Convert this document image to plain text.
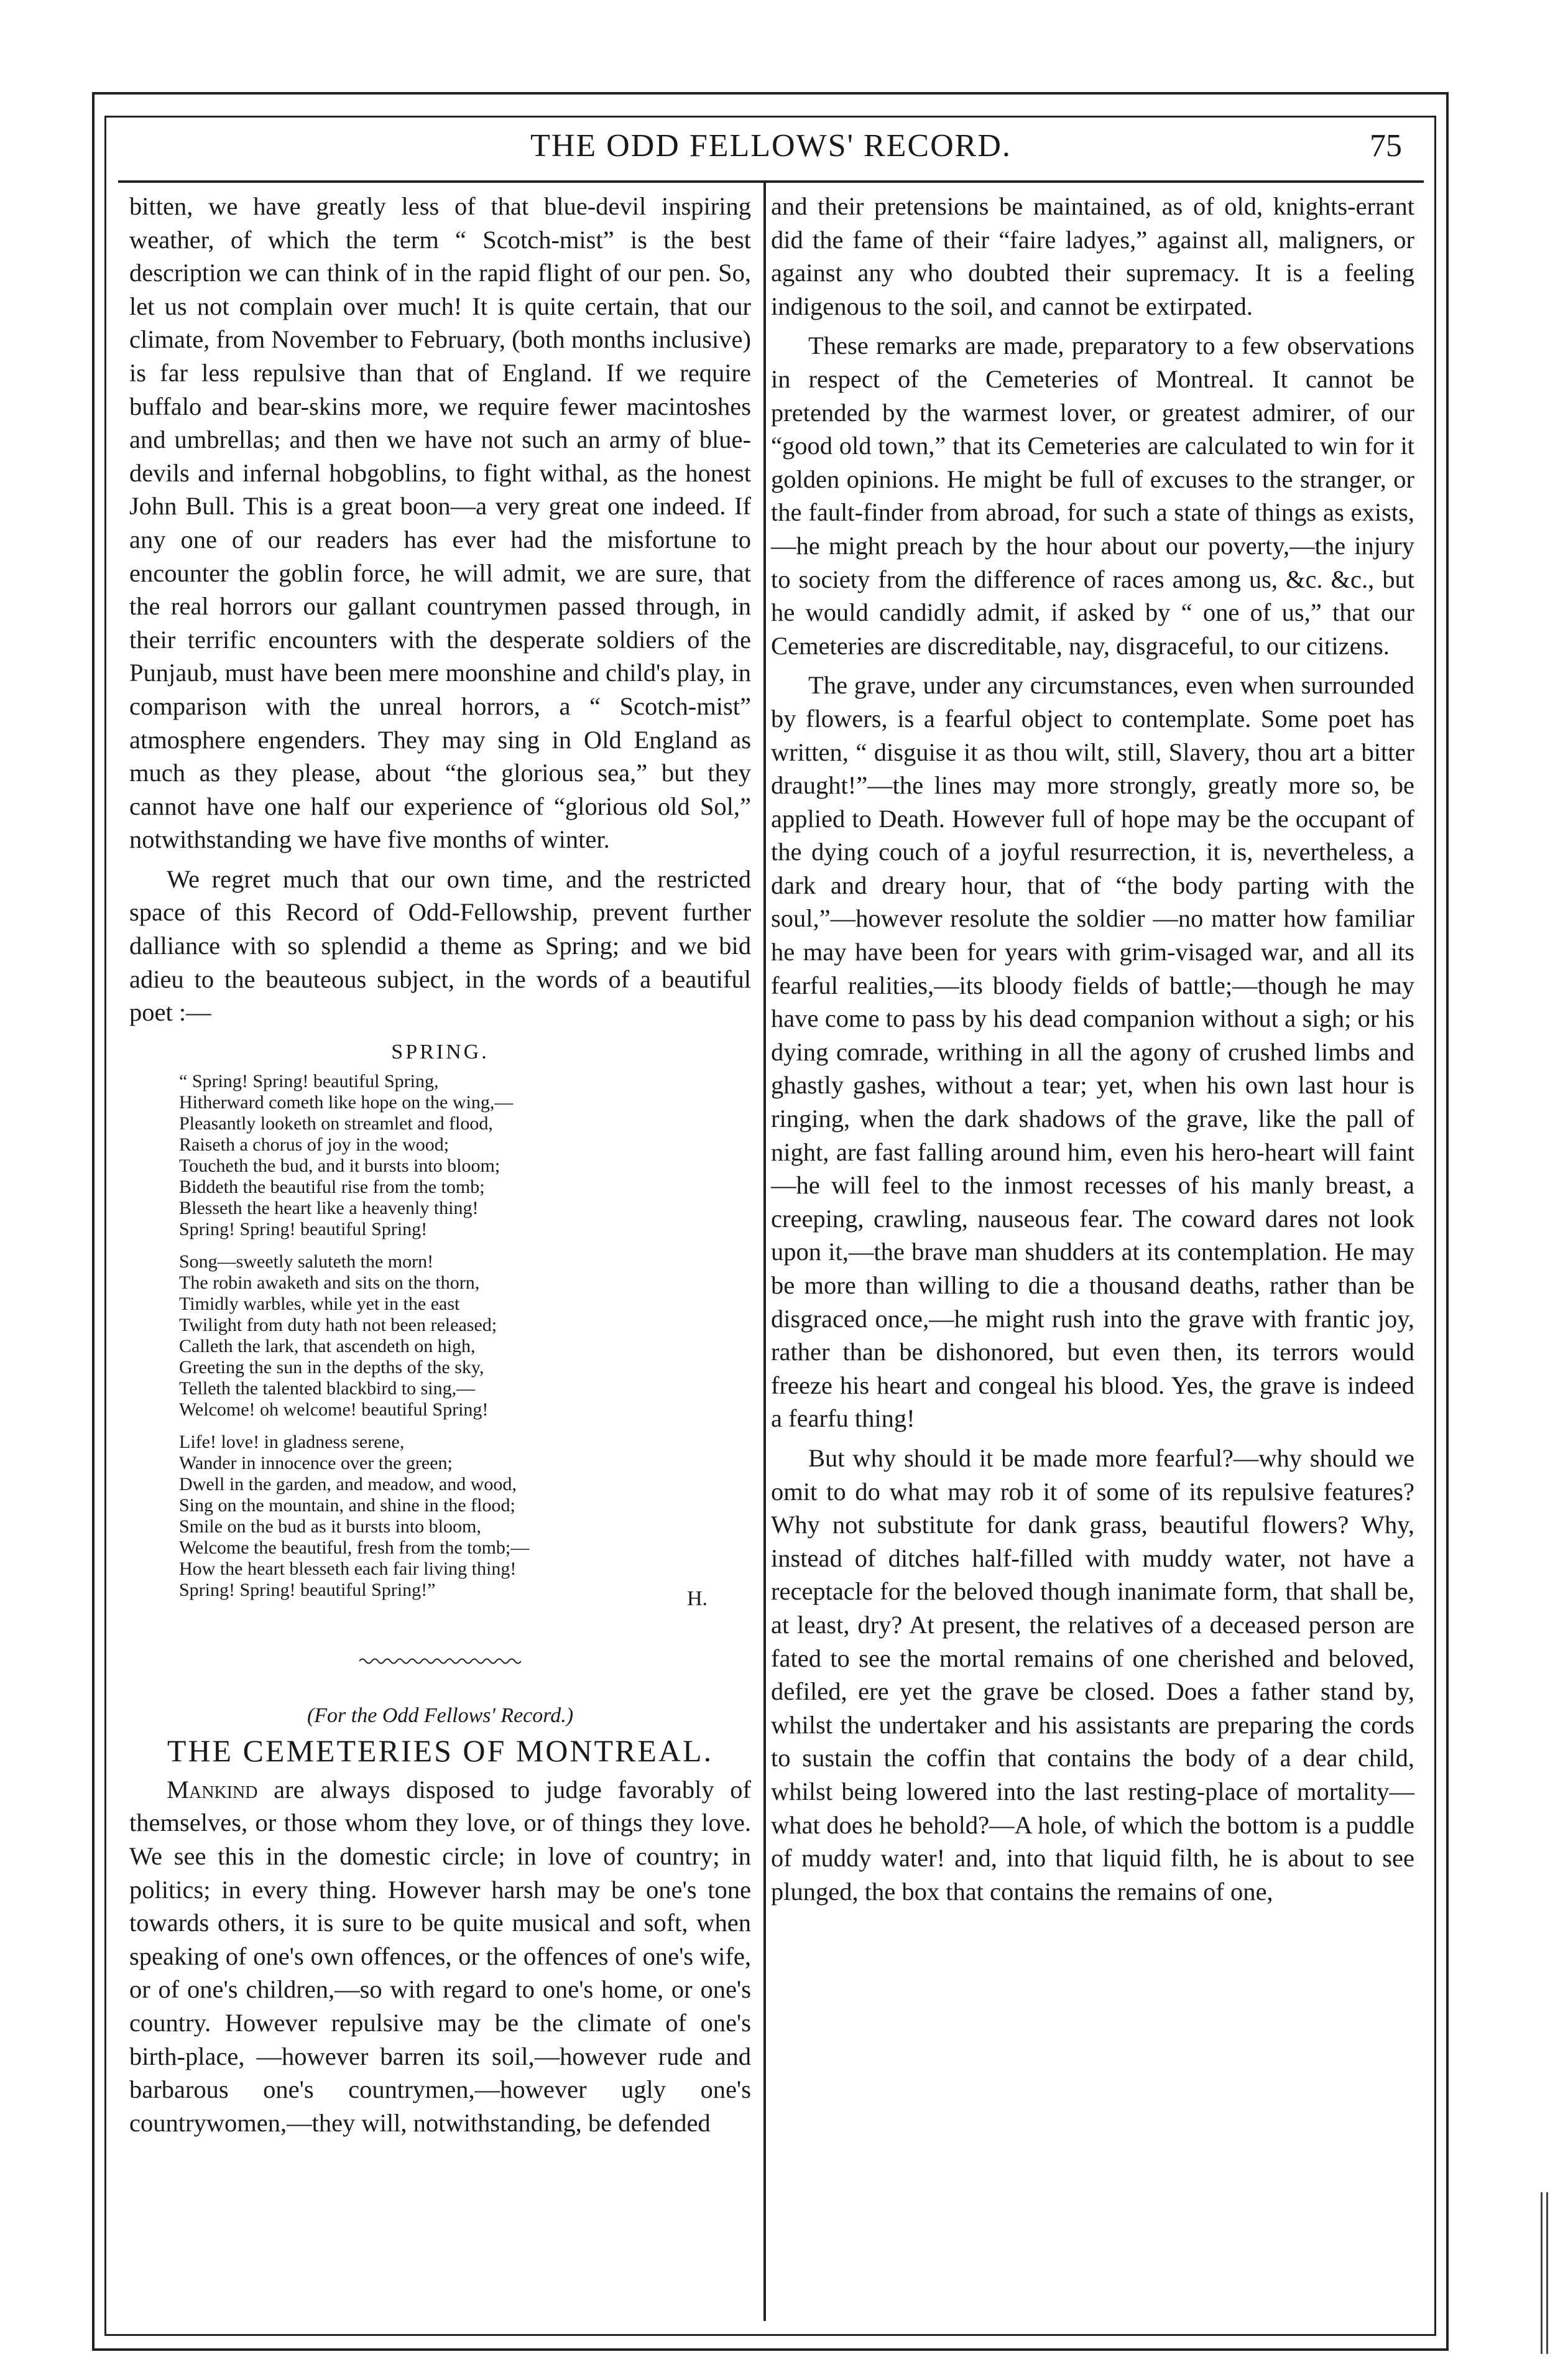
THE ODD FELLOWS' RECORD.	75

bitten, we have greatly less of that blue-devil inspiring weather, of which the term “ Scotch-mist” is the best description we can think of in the rapid flight of our pen. So, let us not complain over much! It is quite certain, that our climate, from November to February, (both months inclusive) is far less repulsive than that of England. If we require buffalo and bear-skins more, we require fewer macintoshes and umbrellas; and then we have not such an army of blue-devils and infernal hobgoblins, to fight withal, as the honest John Bull. This is a great boon—a very great one indeed. If any one of our readers has ever had the misfortune to encounter the goblin force, he will admit, we are sure, that the real horrors our gallant countrymen passed through, in their terrific encounters with the desperate soldiers of the Punjaub, must have been mere moonshine and child's play, in comparison with the unreal horrors, a “ Scotch-mist” atmosphere engenders. They may sing in Old England as much as they please, about “the glorious sea,” but they cannot have one half our experience of “glorious old Sol,” notwithstanding we have five months of winter.

We regret much that our own time, and the restricted space of this Record of Odd-Fellowship, prevent further dalliance with so splendid a theme as Spring; and we bid adieu to the beauteous subject, in the words of a beautiful poet :—

SPRING.
“ Spring! Spring! beautiful Spring,
Hitherward cometh like hope on the wing,—
Pleasantly looketh on streamlet and flood,
Raiseth a chorus of joy in the wood;
Toucheth the bud, and it bursts into bloom;
Biddeth the beautiful rise from the tomb;
Blesseth the heart like a heavenly thing!
Spring! Spring! beautiful Spring!
Song—sweetly saluteth the morn!
The robin awaketh and sits on the thorn,
Timidly warbles, while yet in the east
Twilight from duty hath not been released;
Calleth the lark, that ascendeth on high,
Greeting the sun in the depths of the sky,
Telleth the talented blackbird to sing,—
Welcome! oh welcome! beautiful Spring!
Life! love! in gladness serene,
Wander in innocence over the green;
Dwell in the garden, and meadow, and wood,
Sing on the mountain, and shine in the flood;
Smile on the bud as it bursts into bloom,
Welcome the beautiful, fresh from the tomb;—
How the heart blesseth each fair living thing!
Spring! Spring! beautiful Spring!”	H.
(For the Odd Fellows' Record.)
THE CEMETERIES OF MONTREAL.

Mankind are always disposed to judge favorably of themselves, or those whom they love, or of things they love. We see this in the domestic circle; in love of country; in politics; in every thing. However harsh may be one's tone towards others, it is sure to be quite musical and soft, when speaking of one's own offences, or the offences of one's wife, or of one's children,—so with regard to one's home, or one's country. However repulsive may be the climate of one's birth-place, —however barren its soil,—however rude and barbarous one's countrymen,—however ugly one's countrywomen,—they will, notwithstanding, be defended

and their pretensions be maintained, as of old, knights-errant did the fame of their “faire ladyes,” against all, maligners, or against any who doubted their supremacy. It is a feeling indigenous to the soil, and cannot be extirpated.

These remarks are made, preparatory to a few observations in respect of the Cemeteries of Montreal. It cannot be pretended by the warmest lover, or greatest admirer, of our “good old town,” that its Cemeteries are calculated to win for it golden opinions. He might be full of excuses to the stranger, or the fault-finder from abroad, for such a state of things as exists,—he might preach by the hour about our poverty,—the injury to society from the difference of races among us, &c. &c., but he would candidly admit, if asked by “ one of us,” that our Cemeteries are discreditable, nay, disgraceful, to our citizens.

The grave, under any circumstances, even when surrounded by flowers, is a fearful object to contemplate. Some poet has written, “ disguise it as thou wilt, still, Slavery, thou art a bitter draught!”—the lines may more strongly, greatly more so, be applied to Death. However full of hope may be the occupant of the dying couch of a joyful resurrection, it is, nevertheless, a dark and dreary hour, that of “the body parting with the soul,”—however resolute the soldier —no matter how familiar he may have been for years with grim-visaged war, and all its fearful realities,—its bloody fields of battle;—though he may have come to pass by his dead companion without a sigh; or his dying comrade, writhing in all the agony of crushed limbs and ghastly gashes, without a tear; yet, when his own last hour is ringing, when the dark shadows of the grave, like the pall of night, are fast falling around him, even his hero-heart will faint—he will feel to the inmost recesses of his manly breast, a creeping, crawling, nauseous fear. The coward dares not look upon it,—the brave man shudders at its contemplation. He may be more than willing to die a thousand deaths, rather than be disgraced once,—he might rush into the grave with frantic joy, rather than be dishonored, but even then, its terrors would freeze his heart and congeal his blood. Yes, the grave is indeed a fearfu thing!

But why should it be made more fearful?—why should we omit to do what may rob it of some of its repulsive features? Why not substitute for dank grass, beautiful flowers? Why, instead of ditches half-filled with muddy water, not have a receptacle for the beloved though inanimate form, that shall be, at least, dry? At present, the relatives of a deceased person are fated to see the mortal remains of one cherished and beloved, defiled, ere yet the grave be closed. Does a father stand by, whilst the undertaker and his assistants are preparing the cords to sustain the coffin that contains the body of a dear child, whilst being lowered into the last resting-place of mortality—what does he behold?—A hole, of which the bottom is a puddle of muddy water! and, into that liquid filth, he is about to see plunged, the box that contains the remains of one,
